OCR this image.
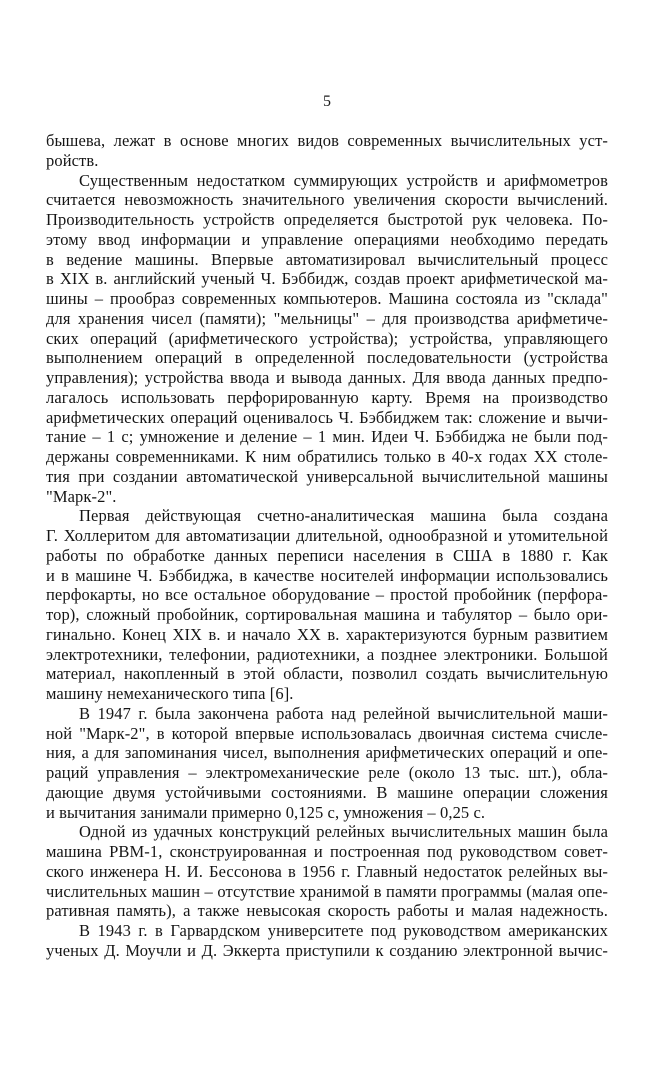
5
бышева, лежат в основе многих видов современных вычислительных уст-
ройств.
Существенным недостатком суммирующих устройств и арифмометров
считается невозможность значительного увеличения скорости вычислений.
Производительность устройств определяется быстротой рук человека. По-
этому ввод информации и управление операциями необходимо передать
в ведение машины. Впервые автоматизировал вычислительный процесс
в XIX в. английский ученый Ч. Бэббидж, создав проект арифметической ма-
шины – прообраз современных компьютеров. Машина состояла из "склада"
для хранения чисел (памяти); "мельницы" – для производства арифметиче-
ских операций (арифметического устройства); устройства, управляющего
выполнением операций в определенной последовательности (устройства
управления); устройства ввода и вывода данных. Для ввода данных предпо-
лагалось использовать перфорированную карту. Время на производство
арифметических операций оценивалось Ч. Бэббиджем так: сложение и вычи-
тание – 1 с; умножение и деление – 1 мин. Идеи Ч. Бэббиджа не были под-
держаны современниками. К ним обратились только в 40-х годах XX столе-
тия при создании автоматической универсальной вычислительной машины
"Марк-2".
Первая действующая счетно-аналитическая машина была создана
Г. Холлеритом для автоматизации длительной, однообразной и утомительной
работы по обработке данных переписи населения в США в 1880 г. Как
и в машине Ч. Бэббиджа, в качестве носителей информации использовались
перфокарты, но все остальное оборудование – простой пробойник (перфора-
тор), сложный пробойник, сортировальная машина и табулятор – было ори-
гинально. Конец XIX в. и начало XX в. характеризуются бурным развитием
электротехники, телефонии, радиотехники, а позднее электроники. Большой
материал, накопленный в этой области, позволил создать вычислительную
машину немеханического типа [6].
В 1947 г. была закончена работа над релейной вычислительной маши-
ной "Марк-2", в которой впервые использовалась двоичная система счисле-
ния, а для запоминания чисел, выполнения арифметических операций и опе-
раций управления – электромеханические реле (около 13 тыс. шт.), обла-
дающие двумя устойчивыми состояниями. В машине операции сложения
и вычитания занимали примерно 0,125 с, умножения – 0,25 с.
Одной из удачных конструкций релейных вычислительных машин была
машина РВМ-1, сконструированная и построенная под руководством совет-
ского инженера Н. И. Бессонова в 1956 г. Главный недостаток релейных вы-
числительных машин – отсутствие хранимой в памяти программы (малая опе-
ративная память), а также невысокая скорость работы и малая надежность.
В 1943 г. в Гарвардском университете под руководством американских
ученых Д. Моучли и Д. Эккерта приступили к созданию электронной вычис-
